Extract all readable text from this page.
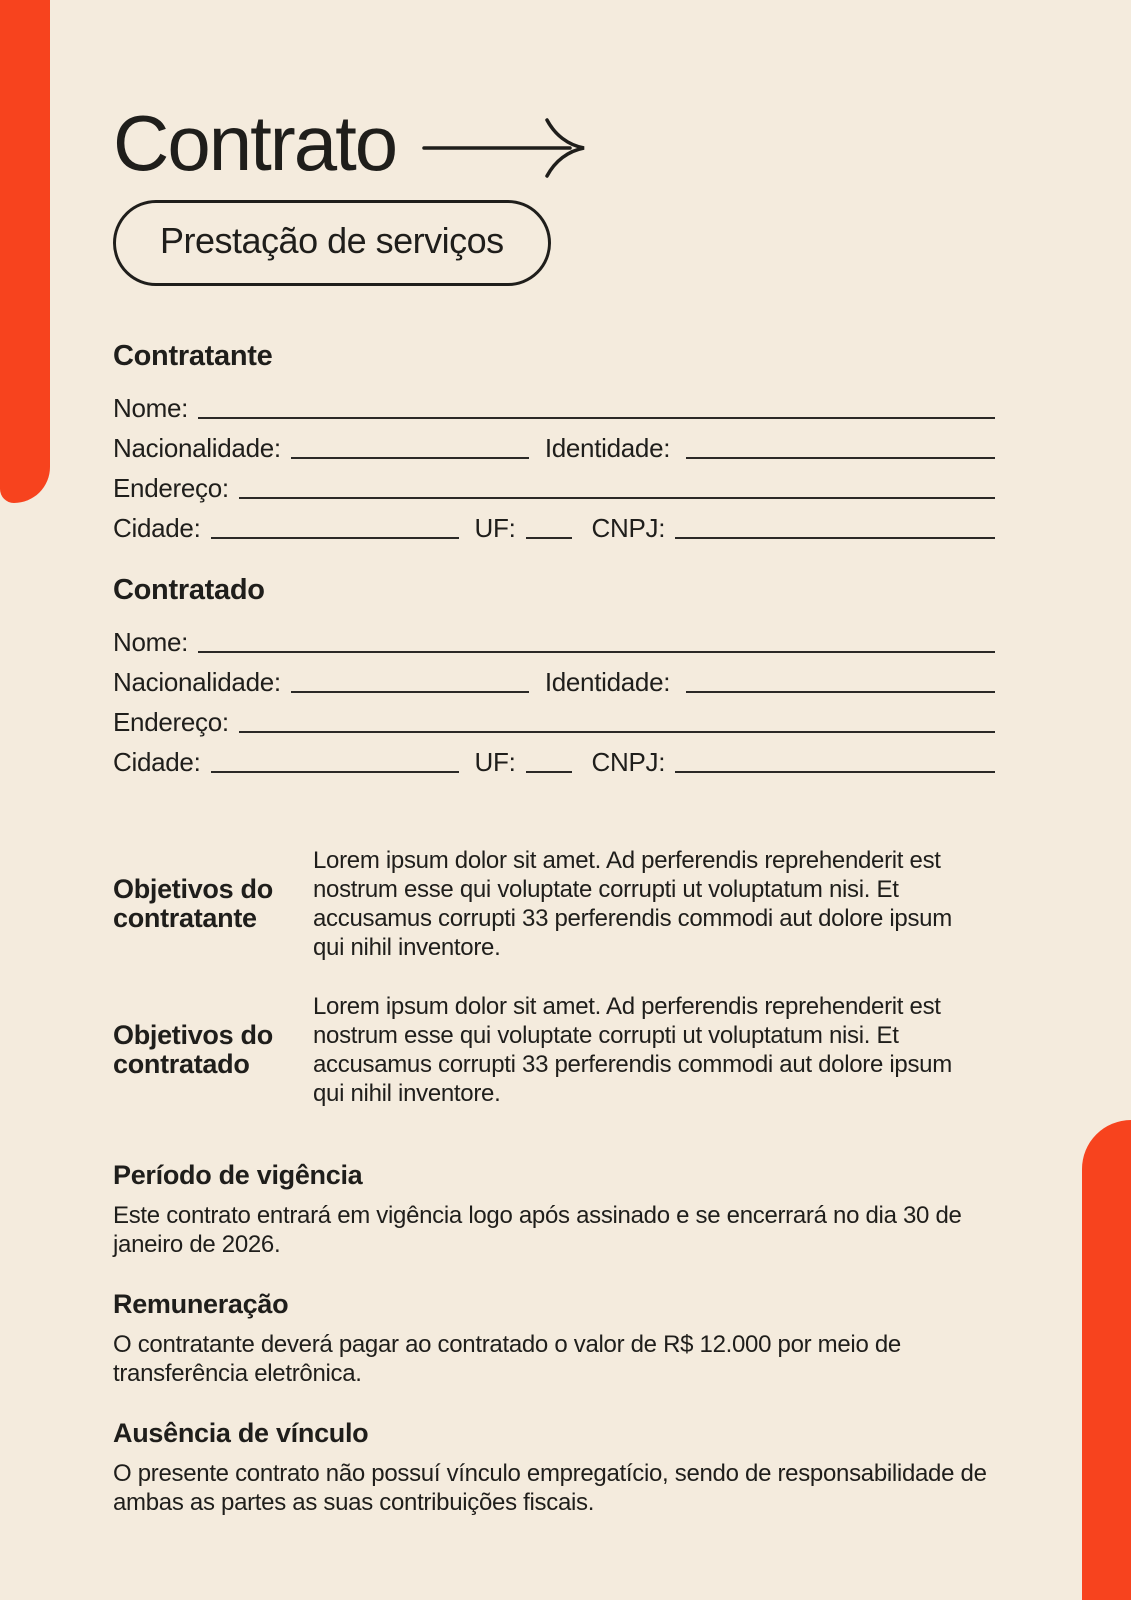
Contrato
Prestação de serviços
Contratante
Nome:
Nacionalidade:	Identidade:
Endereço:
Cidade:	UF:	CNPJ:
Contratado
Nome:
Nacionalidade:	Identidade:
Endereço:
Cidade:	UF:	CNPJ:
Objetivos do contratante

Lorem ipsum dolor sit amet. Ad perferendis reprehenderit est nostrum esse qui voluptate corrupti ut voluptatum nisi. Et accusamus corrupti 33 perferendis commodi aut dolore ipsum qui nihil inventore.

Objetivos do contratado

Lorem ipsum dolor sit amet. Ad perferendis reprehenderit est nostrum esse qui voluptate corrupti ut voluptatum nisi. Et accusamus corrupti 33 perferendis commodi aut dolore ipsum qui nihil inventore.

Período de vigência

Este contrato entrará em vigência logo após assinado e se encerrará no dia 30 de janeiro de 2026.

Remuneração

O contratante deverá pagar ao contratado o valor de R$ 12.000 por meio de transferência eletrônica.

Ausência de vínculo

O presente contrato não possuí vínculo empregatício, sendo de responsabilidade de ambas as partes as suas contribuições fiscais.
